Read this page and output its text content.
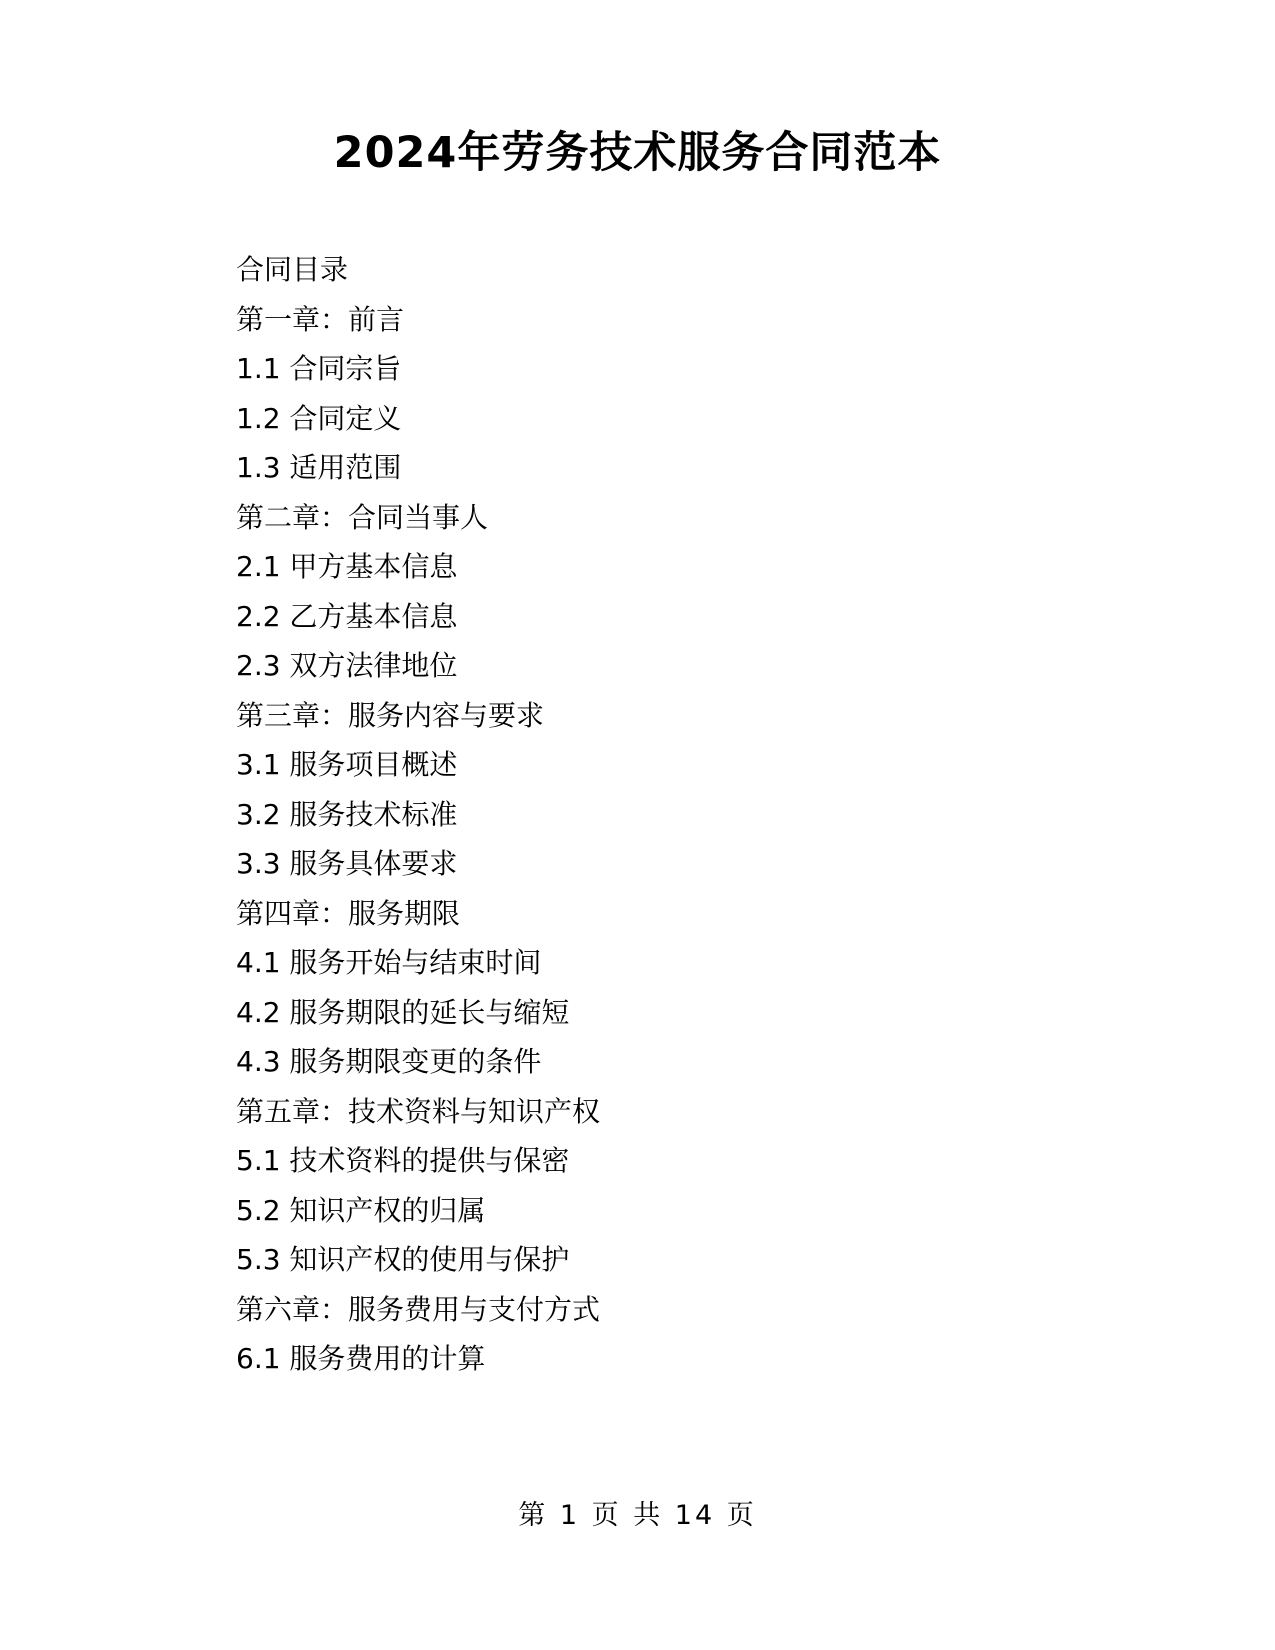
2024年劳务技术服务合同范本
合同目录
第一章：前言
1.1 合同宗旨
1.2 合同定义
1.3 适用范围
第二章：合同当事人
2.1 甲方基本信息
2.2 乙方基本信息
2.3 双方法律地位
第三章：服务内容与要求
3.1 服务项目概述
3.2 服务技术标准
3.3 服务具体要求
第四章：服务期限
4.1 服务开始与结束时间
4.2 服务期限的延长与缩短
4.3 服务期限变更的条件
第五章：技术资料与知识产权
5.1 技术资料的提供与保密
5.2 知识产权的归属
5.3 知识产权的使用与保护
第六章：服务费用与支付方式
6.1 服务费用的计算
第 1 页 共 14 页
